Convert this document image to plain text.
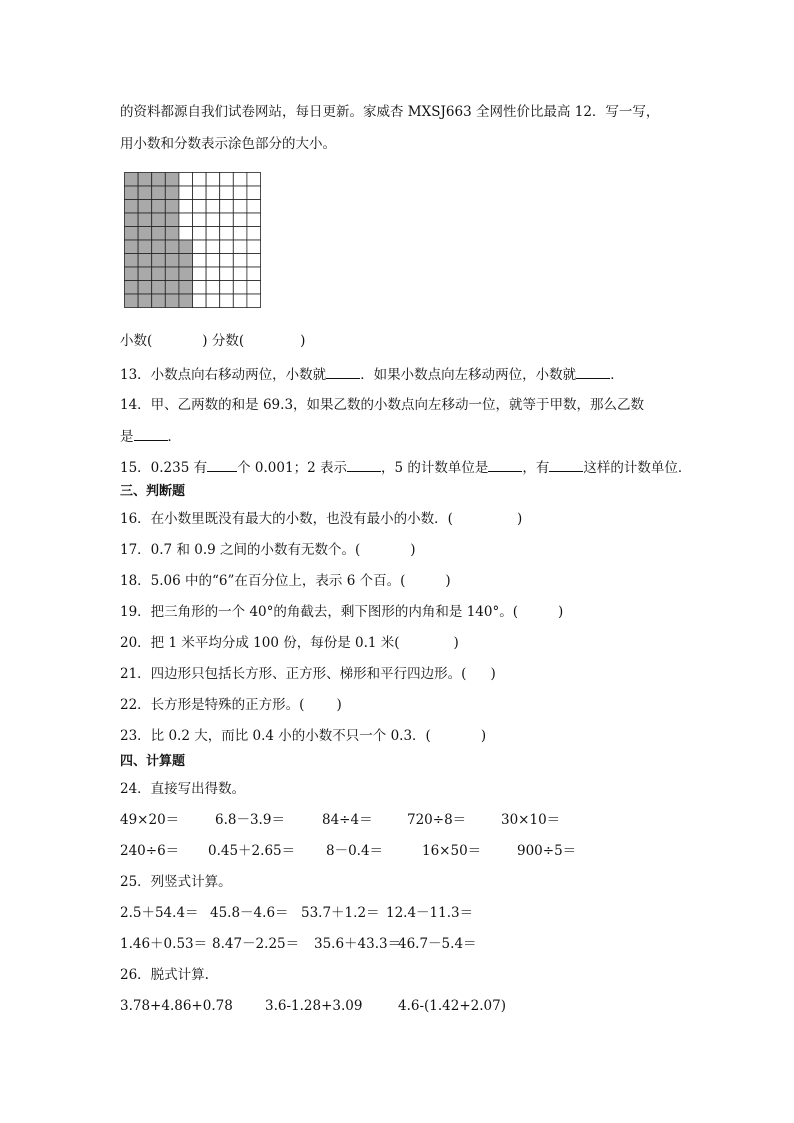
的资料都源自我们试卷网站，每日更新。家威杏 MXSJ663 全网性价比最高 12．写一写，
用小数和分数表示涂色部分的大小。
小数(	) 分数(	)
13．小数点向右移动两位，小数就	．如果小数点向左移动两位，小数就	．
14．甲、乙两数的和是 69.3，如果乙数的小数点向左移动一位，就等于甲数，那么乙数
是	．
15．0.235 有 个 0.001；2 表示	，5 的计数单位是	，有	这样的计数单位．
三、判断题
16．在小数里既没有最大的小数，也没有最小的小数．(	)
17．0.7 和 0.9 之间的小数有无数个。(	)
18．5.06 中的“6”在百分位上，表示 6 个百。(	)
19．把三角形的一个 40°的角截去，剩下图形的内角和是 140°。(	)
20．把 1 米平均分成 100 份，每份是 0.1 米(	)
21．四边形只包括长方形、正方形、梯形和平行四边形。( )
22．长方形是特殊的正方形。( )
23．比 0.2 大，而比 0.4 小的小数不只一个 0.3．(	)
四、计算题
24．直接写出得数。
49×20＝	6.8－3.9＝	84÷4＝	720÷8＝	30×10＝
240÷6＝ 0.45＋2.65＝ 8－0.4＝	16×50＝	900÷5＝
25．列竖式计算。
2.5＋54.4＝ 45.8－4.6＝ 53.7＋1.2＝ 12.4－11.3＝
1.46＋0.53＝ 8.47－2.25＝ 35.6＋43.3＝
46.7－5.4＝
26．脱式计算.
3.78+4.86+0.78 3.6-1.28+3.09	4.6-(1.42+2.07)
